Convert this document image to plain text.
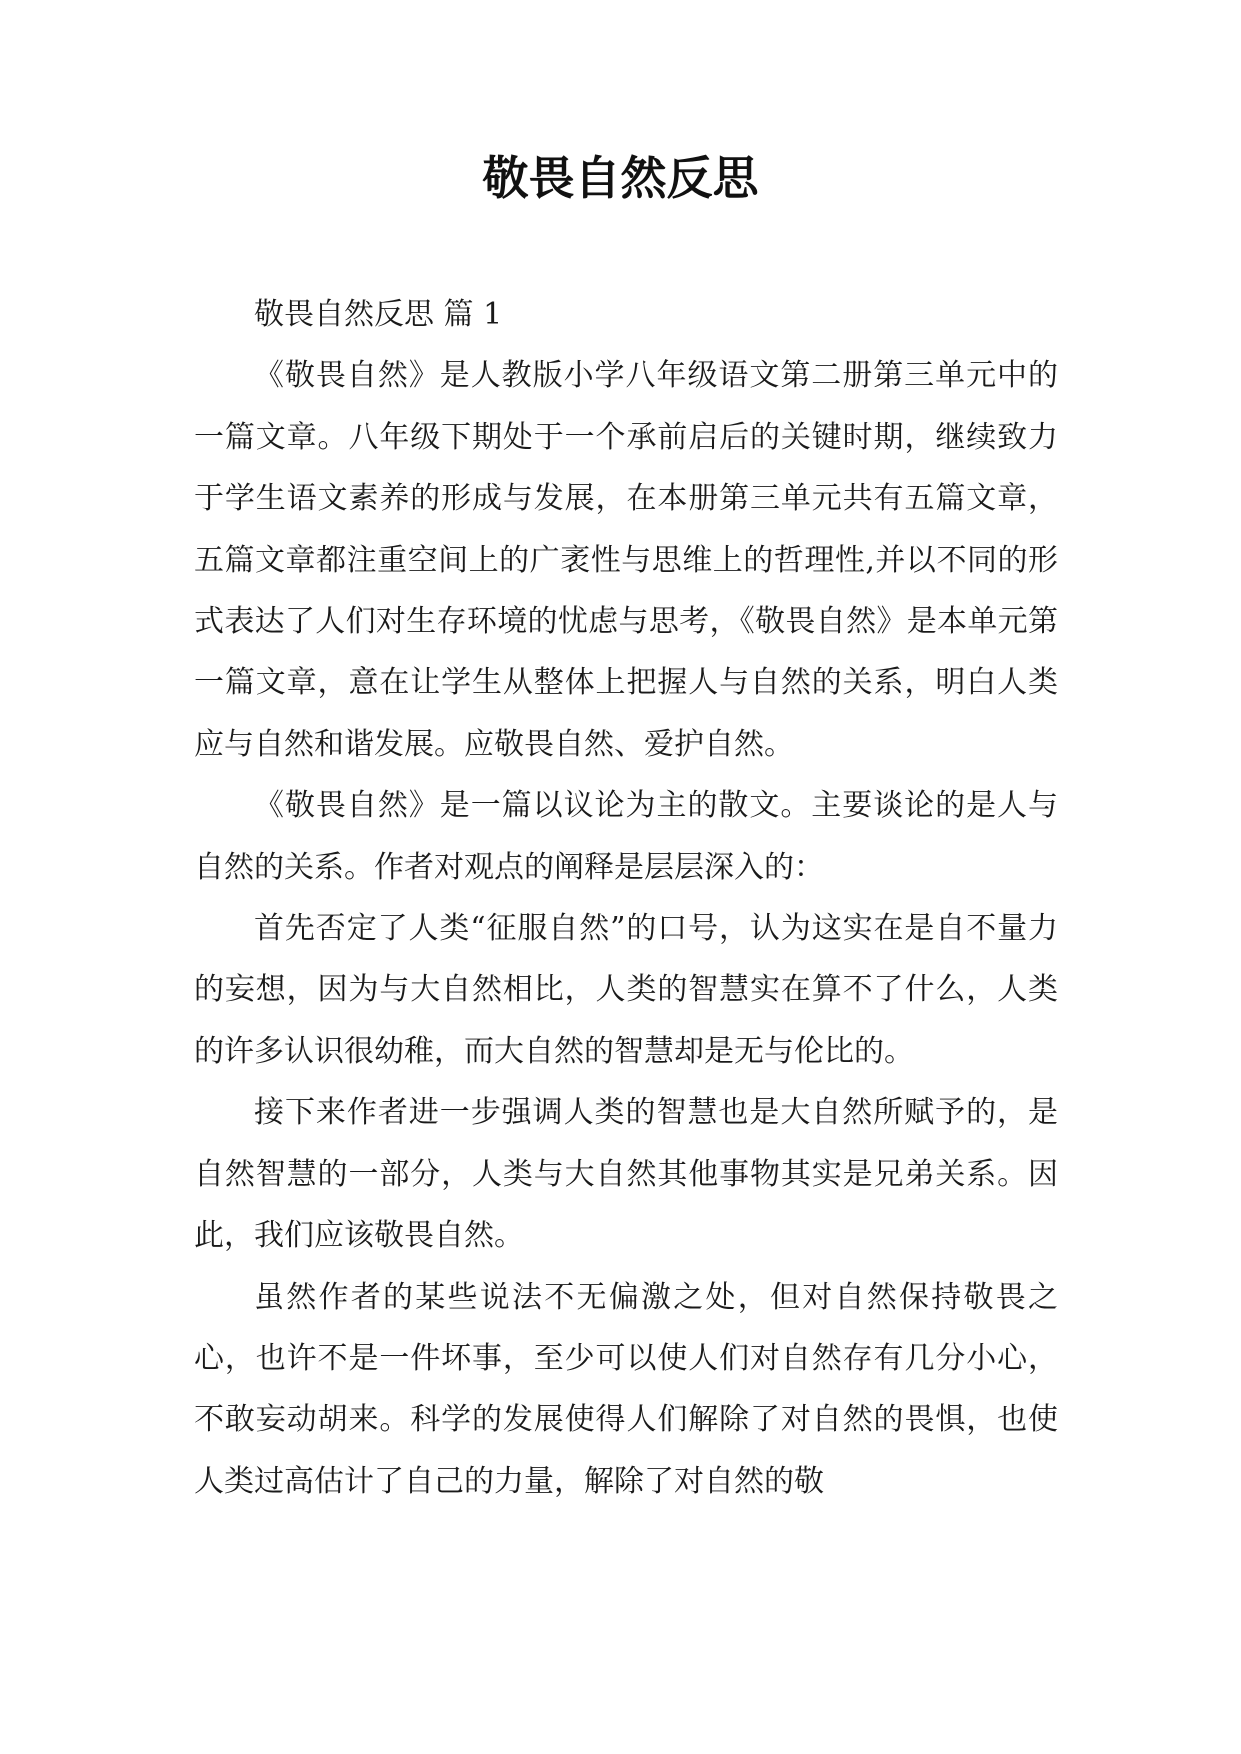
敬畏自然反思

敬畏自然反思 篇 1

《敬畏自然》是人教版小学八年级语文第二册第三单元中的一篇文章。八年级下期处于一个承前启后的关键时期，继续致力于学生语文素养的形成与发展，在本册第三单元共有五篇文章，五篇文章都注重空间上的广袤性与思维上的哲理性,并以不同的形式表达了人们对生存环境的忧虑与思考，《敬畏自然》是本单元第一篇文章，意在让学生从整体上把握人与自然的关系，明白人类应与自然和谐发展。应敬畏自然、爱护自然。

《敬畏自然》是一篇以议论为主的散文。主要谈论的是人与自然的关系。作者对观点的阐释是层层深入的：

首先否定了人类“征服自然”的口号，认为这实在是自不量力的妄想，因为与大自然相比，人类的智慧实在算不了什么，人类的许多认识很幼稚，而大自然的智慧却是无与伦比的。

接下来作者进一步强调人类的智慧也是大自然所赋予的，是自然智慧的一部分，人类与大自然其他事物其实是兄弟关系。因此，我们应该敬畏自然。

虽然作者的某些说法不无偏激之处，但对自然保持敬畏之心，也许不是一件坏事，至少可以使人们对自然存有几分小心，不敢妄动胡来。科学的发展使得人们解除了对自然的畏惧，也使人类过高估计了自己的力量，解除了对自然的敬
